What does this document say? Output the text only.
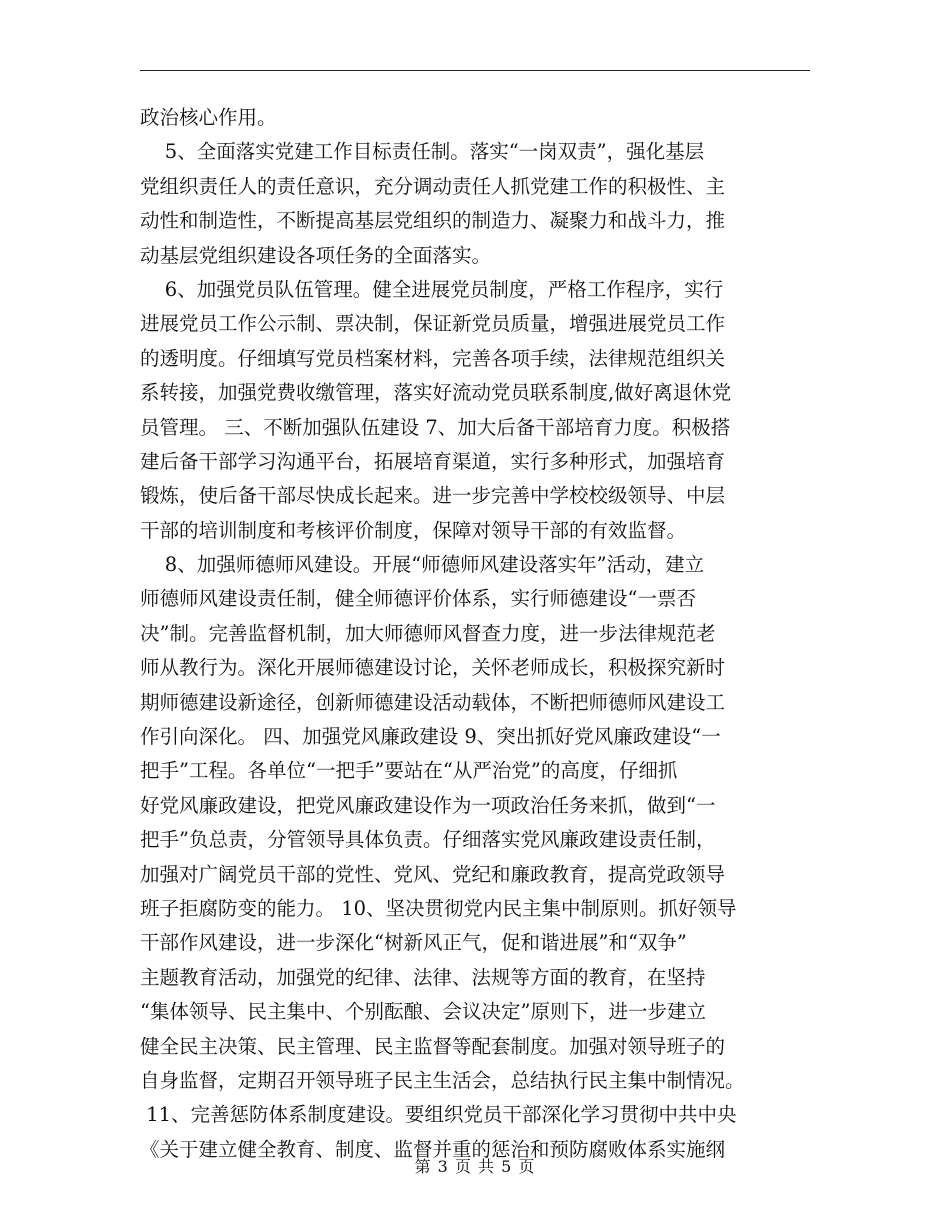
政治核心作用。
5、全面落实党建工作目标责任制。落实“一岗双责”，强化基层
党组织责任人的责任意识，充分调动责任人抓党建工作的积极性、主
动性和制造性，不断提高基层党组织的制造力、凝聚力和战斗力，推
动基层党组织建设各项任务的全面落实。
6、加强党员队伍管理。健全进展党员制度，严格工作程序，实行
进展党员工作公示制、票决制，保证新党员质量，增强进展党员工作
的透明度。仔细填写党员档案材料，完善各项手续，法律规范组织关
系转接，加强党费收缴管理，落实好流动党员联系制度,做好离退休党
员管理。 三、不断加强队伍建设 7、加大后备干部培育力度。积极搭
建后备干部学习沟通平台，拓展培育渠道，实行多种形式，加强培育
锻炼，使后备干部尽快成长起来。进一步完善中学校校级领导、中层
干部的培训制度和考核评价制度，保障对领导干部的有效监督。
8、加强师德师风建设。开展“师德师风建设落实年”活动，建立
师德师风建设责任制，健全师德评价体系，实行师德建设“一票否
决”制。完善监督机制，加大师德师风督查力度，进一步法律规范老
师从教行为。深化开展师德建设讨论，关怀老师成长，积极探究新时
期师德建设新途径，创新师德建设活动载体，不断把师德师风建设工
作引向深化。 四、加强党风廉政建设 9、突出抓好党风廉政建设“一
把手”工程。各单位“一把手”要站在“从严治党”的高度，仔细抓
好党风廉政建设，把党风廉政建设作为一项政治任务来抓，做到“一
把手”负总责，分管领导具体负责。仔细落实党风廉政建设责任制，
加强对广阔党员干部的党性、党风、党纪和廉政教育，提高党政领导
班子拒腐防变的能力。 10、坚决贯彻党内民主集中制原则。抓好领导
干部作风建设，进一步深化“树新风正气，促和谐进展”和“双争”
主题教育活动，加强党的纪律、法律、法规等方面的教育，在坚持
“集体领导、民主集中、个别酝酿、会议决定”原则下，进一步建立
健全民主决策、民主管理、民主监督等配套制度。加强对领导班子的
自身监督，定期召开领导班子民主生活会，总结执行民主集中制情况。
11、完善惩防体系制度建设。要组织党员干部深化学习贯彻中共中央
《关于建立健全教育、制度、监督并重的惩治和预防腐败体系实施纲
第 3 页 共 5 页
